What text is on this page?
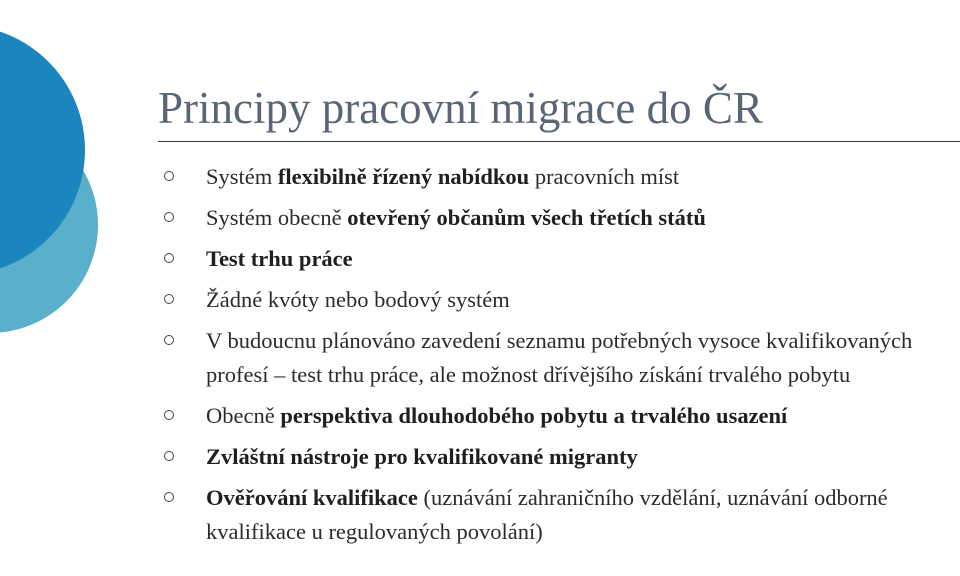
Principy pracovní migrace do ČR
Systém flexibilně řízený nabídkou pracovních míst
Systém obecně otevřený občanům všech třetích států
Test trhu práce
Žádné kvóty nebo bodový systém
V budoucnu plánováno zavedení seznamu potřebných vysoce kvalifikovaných profesí – test trhu práce, ale možnost dřívějšího získání trvalého pobytu
Obecně perspektiva dlouhodobého pobytu a trvalého usazení
Zvláštní nástroje pro kvalifikované migranty
Ověřování kvalifikace (uznávání zahraničního vzdělání, uznávání odborné kvalifikace u regulovaných povolání)
